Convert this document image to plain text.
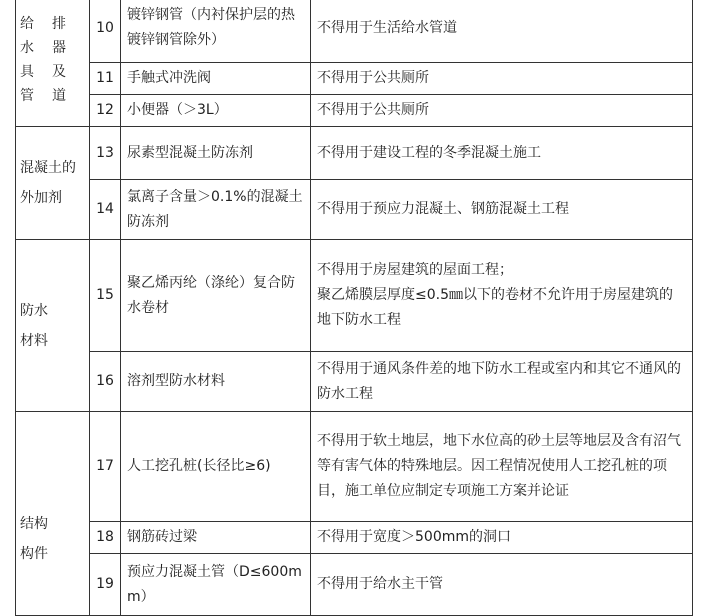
给排水器具及管道	10	镀锌钢管（内衬保护层的热镀锌钢管除外）	不得用于生活给水管道
	11	手触式冲洗阀	不得用于公共厕所
	12	小便器（＞3L）	不得用于公共厕所

混凝土的外加剂	13	尿素型混凝土防冻剂	不得用于建设工程的冬季混凝土施工
	14	氯离子含量＞0.1%的混凝土防冻剂	不得用于预应力混凝土、钢筋混凝土工程

防水材料	15	聚乙烯丙纶（涤纶）复合防水卷材	不得用于房屋建筑的屋面工程；
聚乙烯膜层厚度≤0.5㎜以下的卷材不允许用于房屋建筑的地下防水工程
	16	溶剂型防水材料	不得用于通风条件差的地下防水工程或室内和其它不通风的防水工程

结构构件	17	人工挖孔桩(长径比≥6)	不得用于软土地层，地下水位高的砂土层等地层及含有沼气等有害气体的特殊地层。因工程情况使用人工挖孔桩的项目，施工单位应制定专项施工方案并论证
	18	钢筋砖过梁	不得用于宽度＞500mm的洞口
	19	预应力混凝土管（D≤600mm）	不得用于给水主干管
